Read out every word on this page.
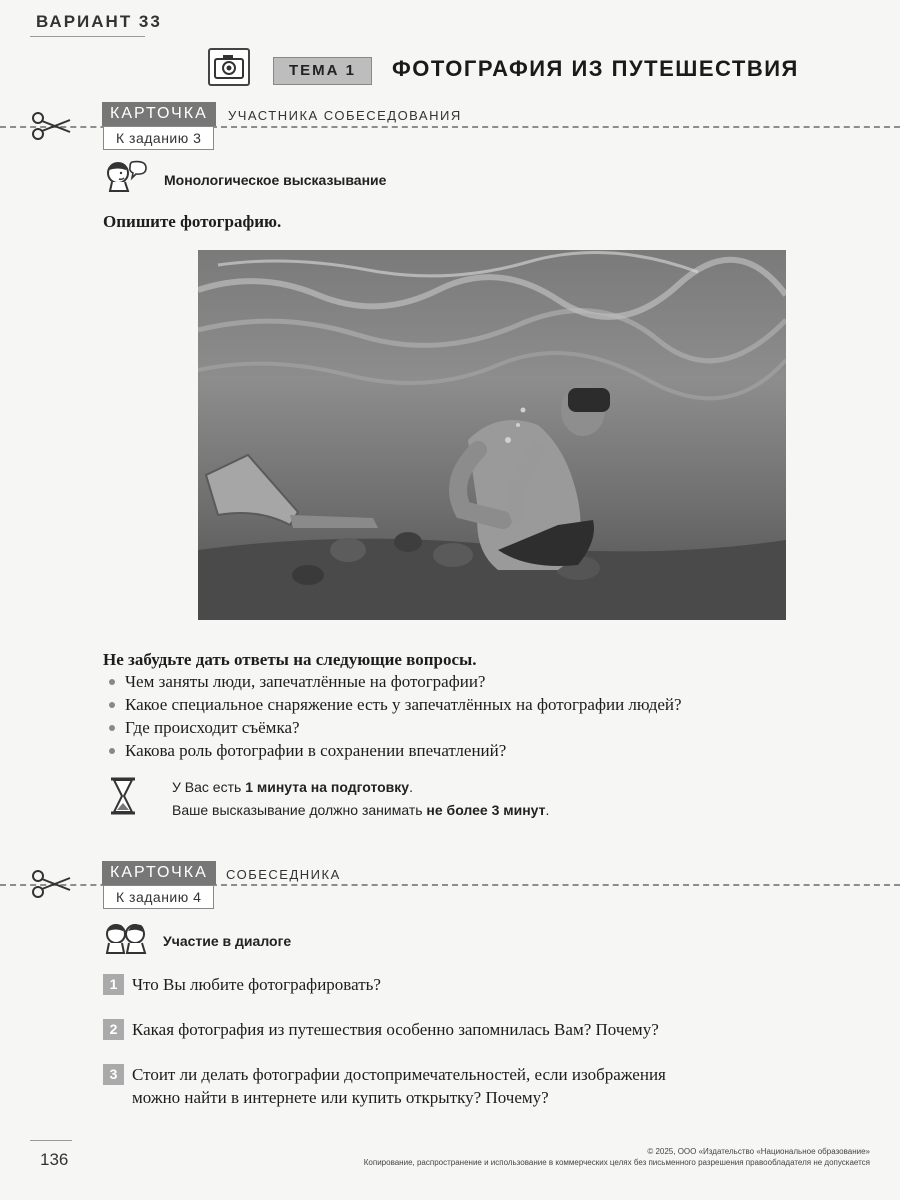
ВАРИАНТ 33
ТЕМА 1	ФОТОГРАФИЯ ИЗ ПУТЕШЕСТВИЯ
КАРТОЧКА	УЧАСТНИКА СОБЕСЕДОВАНИЯ
К заданию 3
Монологическое высказывание
Опишите фотографию.
Не забудьте дать ответы на следующие вопросы.
Чем заняты люди, запечатлённые на фотографии?
Какое специальное снаряжение есть у запечатлённых на фотографии людей?
Где происходит съёмка?
Какова роль фотографии в сохранении впечатлений?
У Вас есть 1 минута на подготовку.
Ваше высказывание должно занимать не более 3 минут.
КАРТОЧКА	СОБЕСЕДНИКА
К заданию 4
Участие в диалоге
1 Что Вы любите фотографировать?
2 Какая фотография из путешествия особенно запомнилась Вам? Почему?
3 Стоит ли делать фотографии достопримечательностей, если изображения
можно найти в интернете или купить открытку? Почему?
136	© 2025, ООО «Издательство «Национальное образование»
Копирование, распространение и использование в коммерческих целях без письменного разрешения правообладателя не допускается
